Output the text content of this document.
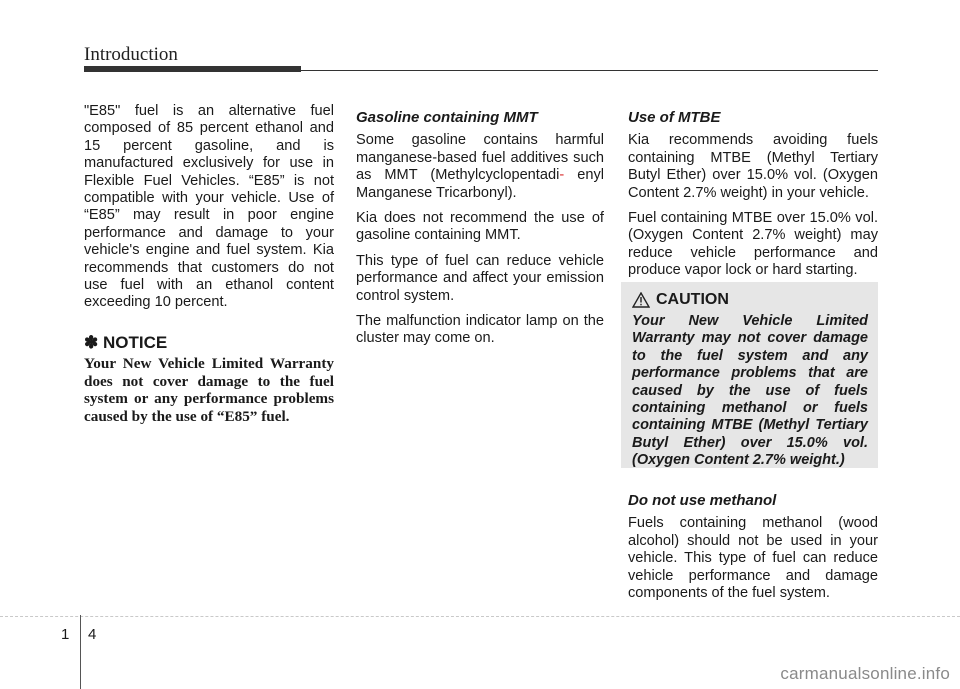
Introduction

"E85" fuel is an alternative fuel composed of 85 percent ethanol and 15 percent gasoline, and is manufactured exclusively for use in Flexible Fuel Vehicles. “E85” is not compatible with your vehicle. Use of “E85” may result in poor engine performance and damage to your vehicle's engine and fuel system. Kia recommends that customers do not use fuel with an ethanol content exceeding 10 percent.

✽ NOTICE

Your New Vehicle Limited Warranty does not cover damage to the fuel system or any performance problems caused by the use of “E85” fuel.

Gasoline containing MMT

Some gasoline contains harmful manganese-based fuel additives such as MMT (Methylcyclopentadi- enyl Manganese Tricarbonyl).

Kia does not recommend the use of gasoline containing MMT.

This type of fuel can reduce vehicle performance and affect your emission control system.

The malfunction indicator lamp on the cluster may come on.

Use of MTBE

Kia recommends avoiding fuels containing MTBE (Methyl Tertiary Butyl Ether) over 15.0% vol. (Oxygen Content 2.7% weight) in your vehicle.

Fuel containing MTBE over 15.0% vol. (Oxygen Content 2.7% weight) may reduce vehicle performance and produce vapor lock or hard starting.

CAUTION
Your New Vehicle Limited Warranty may not cover damage to the fuel system and any performance problems that are caused by the use of fuels containing methanol or fuels containing MTBE (Methyl Tertiary Butyl Ether) over 15.0% vol. (Oxygen Content 2.7% weight.)
Do not use methanol

Fuels containing methanol (wood alcohol) should not be used in your vehicle. This type of fuel can reduce vehicle performance and damage components of the fuel system.

1 4
carmanualsonline.info
